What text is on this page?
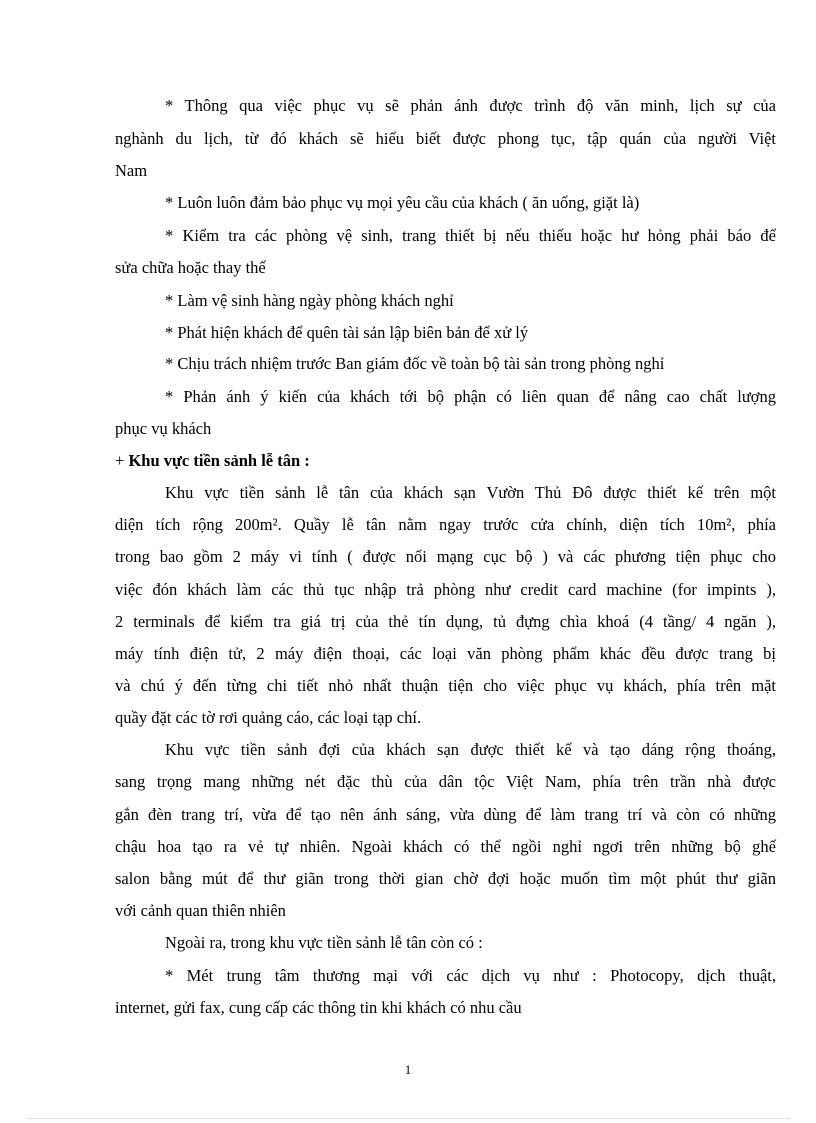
* Thông qua việc phục vụ sẽ phản ánh được trình độ văn minh, lịch sự của
nghành du lịch, từ đó khách sẽ hiểu biết được phong tục, tập quán của người Việt
Nam
* Luôn luôn đảm bảo phục vụ mọi yêu cầu của khách ( ăn uống, giặt là)
* Kiểm tra các phòng vệ sinh, trang thiết bị nếu thiếu hoặc hư hỏng phải báo để
sửa chữa hoặc thay thế
* Làm vệ sinh hàng ngày phòng khách nghỉ
* Phát hiện khách để quên tài sản lập biên bản để xử lý
* Chịu trách nhiệm trước Ban giám đốc về toàn bộ tài sản trong phòng nghỉ
* Phản ánh ý kiến của khách tới bộ phận có liên quan để nâng cao chất lượng
phục vụ khách
+ Khu vực tiền sảnh lễ tân :
Khu vực tiền sảnh lễ tân của khách sạn Vườn Thủ Đô được thiết kế trên một
diện tích rộng 200m². Quầy lễ tân nằm ngay trước cửa chính, diện tích 10m², phía
trong bao gồm 2 máy vi tính ( được nối mạng cục bộ ) và các phương tiện phục cho
việc đón khách làm các thủ tục nhập trả phòng như credit card machine (for impints ),
2 terminals để kiểm tra giá trị của thẻ tín dụng, tủ đựng chìa khoá (4 tầng/ 4 ngăn ),
máy tính điện tử, 2 máy điện thoại, các loại văn phòng phẩm khác đều được trang bị
và chú ý đến từng chi tiết nhỏ nhất thuận tiện cho việc phục vụ khách, phía trên mặt
quầy đặt các tờ rơi quảng cáo, các loại tạp chí.
Khu vực tiền sảnh đợi của khách sạn được thiết kế và tạo dáng rộng thoáng,
sang trọng mang những nét đặc thù của dân tộc Việt Nam, phía trên trần nhà được
gắn đèn trang trí, vừa để tạo nên ánh sáng, vừa dùng để làm trang trí và còn có những
chậu hoa tạo ra vẻ tự nhiên. Ngoài khách có thể ngồi nghỉ ngơi trên những bộ ghế
salon bằng mút để thư giãn trong thời gian chờ đợi hoặc muốn tìm một phút thư giãn
với cảnh quan thiên nhiên
Ngoài ra, trong khu vực tiền sảnh lễ tân còn có :
* Mét trung tâm thương mại với các dịch vụ như : Photocopy, dịch thuật,
internet, gửi fax, cung cấp các thông tin khi khách có nhu cầu
1
